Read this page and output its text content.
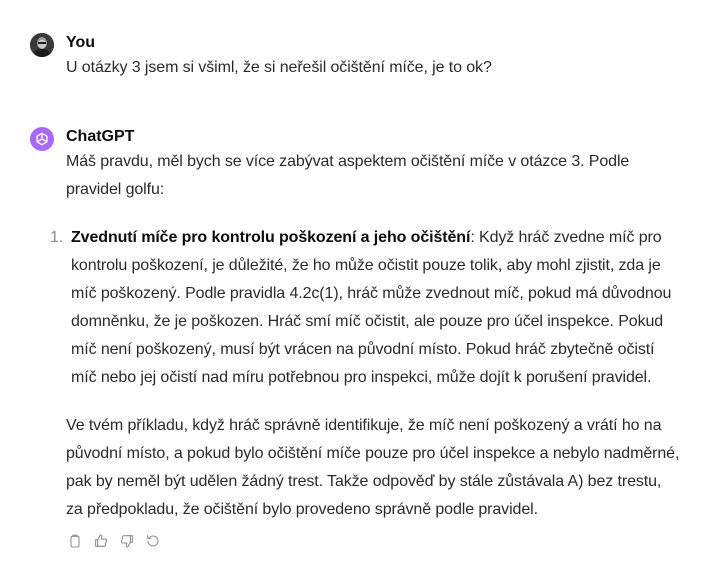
You
U otázky 3 jsem si všiml, že si neřešil očištění míče, je to ok?
ChatGPT

Máš pravdu, měl bych se více zabývat aspektem očištění míče v otázce 3. Podle pravidel golfu:

1. Zvednutí míče pro kontrolu poškození a jeho očištění: Když hráč zvedne míč pro kontrolu poškození, je důležité, že ho může očistit pouze tolik, aby mohl zjistit, zda je míč poškozený. Podle pravidla 4.2c(1), hráč může zvednout míč, pokud má důvodnou domněnku, že je poškozen. Hráč smí míč očistit, ale pouze pro účel inspekce. Pokud míč není poškozený, musí být vrácen na původní místo. Pokud hráč zbytečně očistí míč nebo jej očistí nad míru potřebnou pro inspekci, může dojít k porušení pravidel.

Ve tvém příkladu, když hráč správně identifikuje, že míč není poškozený a vrátí ho na původní místo, a pokud bylo očištění míče pouze pro účel inspekce a nebylo nadměrné, pak by neměl být udělen žádný trest. Takže odpověď by stále zůstávala A) bez trestu, za předpokladu, že očištění bylo provedeno správně podle pravidel.
